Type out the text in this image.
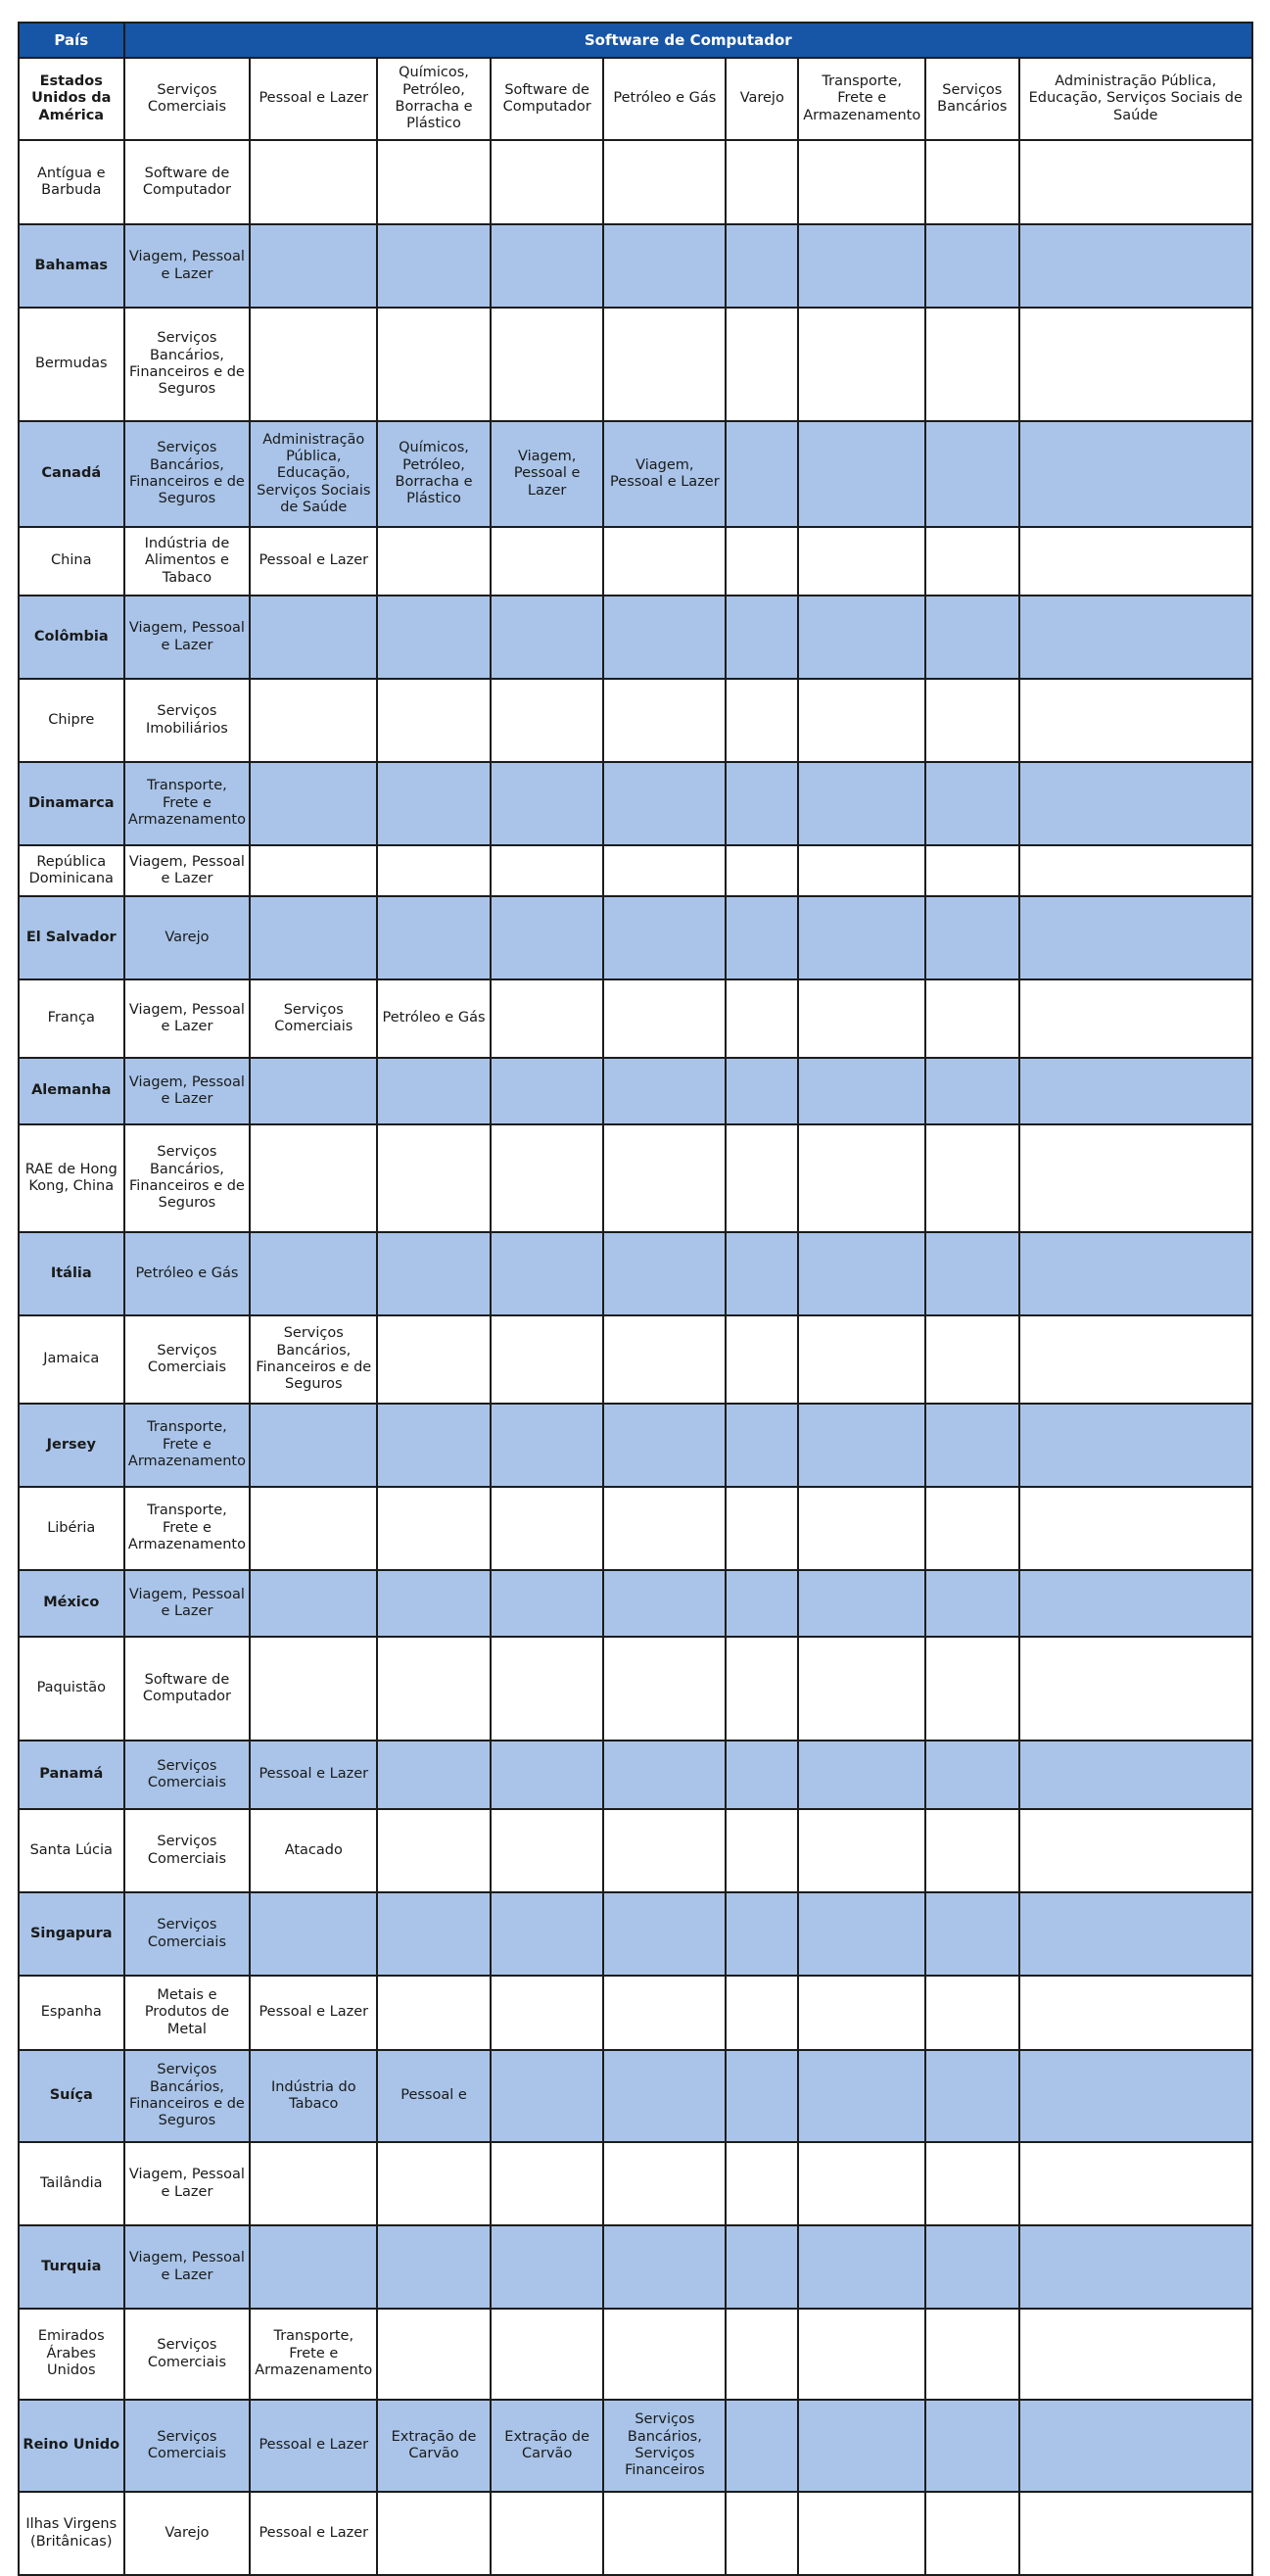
País	Software de Computador								
Estados Unidos da América	Serviços Comerciais	Pessoal e Lazer	Químicos, Petróleo, Borracha e Plástico	Software de Computador	Petróleo e Gás	Varejo	Transporte, Frete e Armazenamento	Serviços Bancários	Administração Pública, Educação, Serviços Sociais de Saúde
Antígua e Barbuda	Software de Computador								
Bahamas	Viagem, Pessoal e Lazer								
Bermudas	Serviços Bancários, Financeiros e de Seguros								
Canadá	Serviços Bancários, Financeiros e de Seguros	Administração Pública, Educação, Serviços Sociais de Saúde	Químicos, Petróleo, Borracha e Plástico	Viagem, Pessoal e Lazer	Viagem, Pessoal e Lazer				
China	Indústria de Alimentos e Tabaco	Pessoal e Lazer							
Colômbia	Viagem, Pessoal e Lazer								
Chipre	Serviços Imobiliários								
Dinamarca	Transporte, Frete e Armazenamento								
República Dominicana	Viagem, Pessoal e Lazer								
El Salvador	Varejo								
França	Viagem, Pessoal e Lazer	Serviços Comerciais	Petróleo e Gás						
Alemanha	Viagem, Pessoal e Lazer								
RAE de Hong Kong, China	Serviços Bancários, Financeiros e de Seguros								
Itália	Petróleo e Gás								
Jamaica	Serviços Comerciais	Serviços Bancários, Financeiros e de Seguros							
Jersey	Transporte, Frete e Armazenamento								
Libéria	Transporte, Frete e Armazenamento								
México	Viagem, Pessoal e Lazer								
Paquistão	Software de Computador								
Panamá	Serviços Comerciais	Pessoal e Lazer							
Santa Lúcia	Serviços Comerciais	Atacado							
Singapura	Serviços Comerciais								
Espanha	Metais e Produtos de Metal	Pessoal e Lazer							
Suíça	Serviços Bancários, Financeiros e de Seguros	Indústria do Tabaco	Pessoal e						
Tailândia	Viagem, Pessoal e Lazer								
Turquia	Viagem, Pessoal e Lazer								
Emirados Árabes Unidos	Serviços Comerciais	Transporte, Frete e Armazenamento							
Reino Unido	Serviços Comerciais	Pessoal e Lazer	Extração de Carvão	Extração de Carvão	Serviços Bancários, Serviços Financeiros				
Ilhas Virgens (Britânicas)	Varejo	Pessoal e Lazer							
